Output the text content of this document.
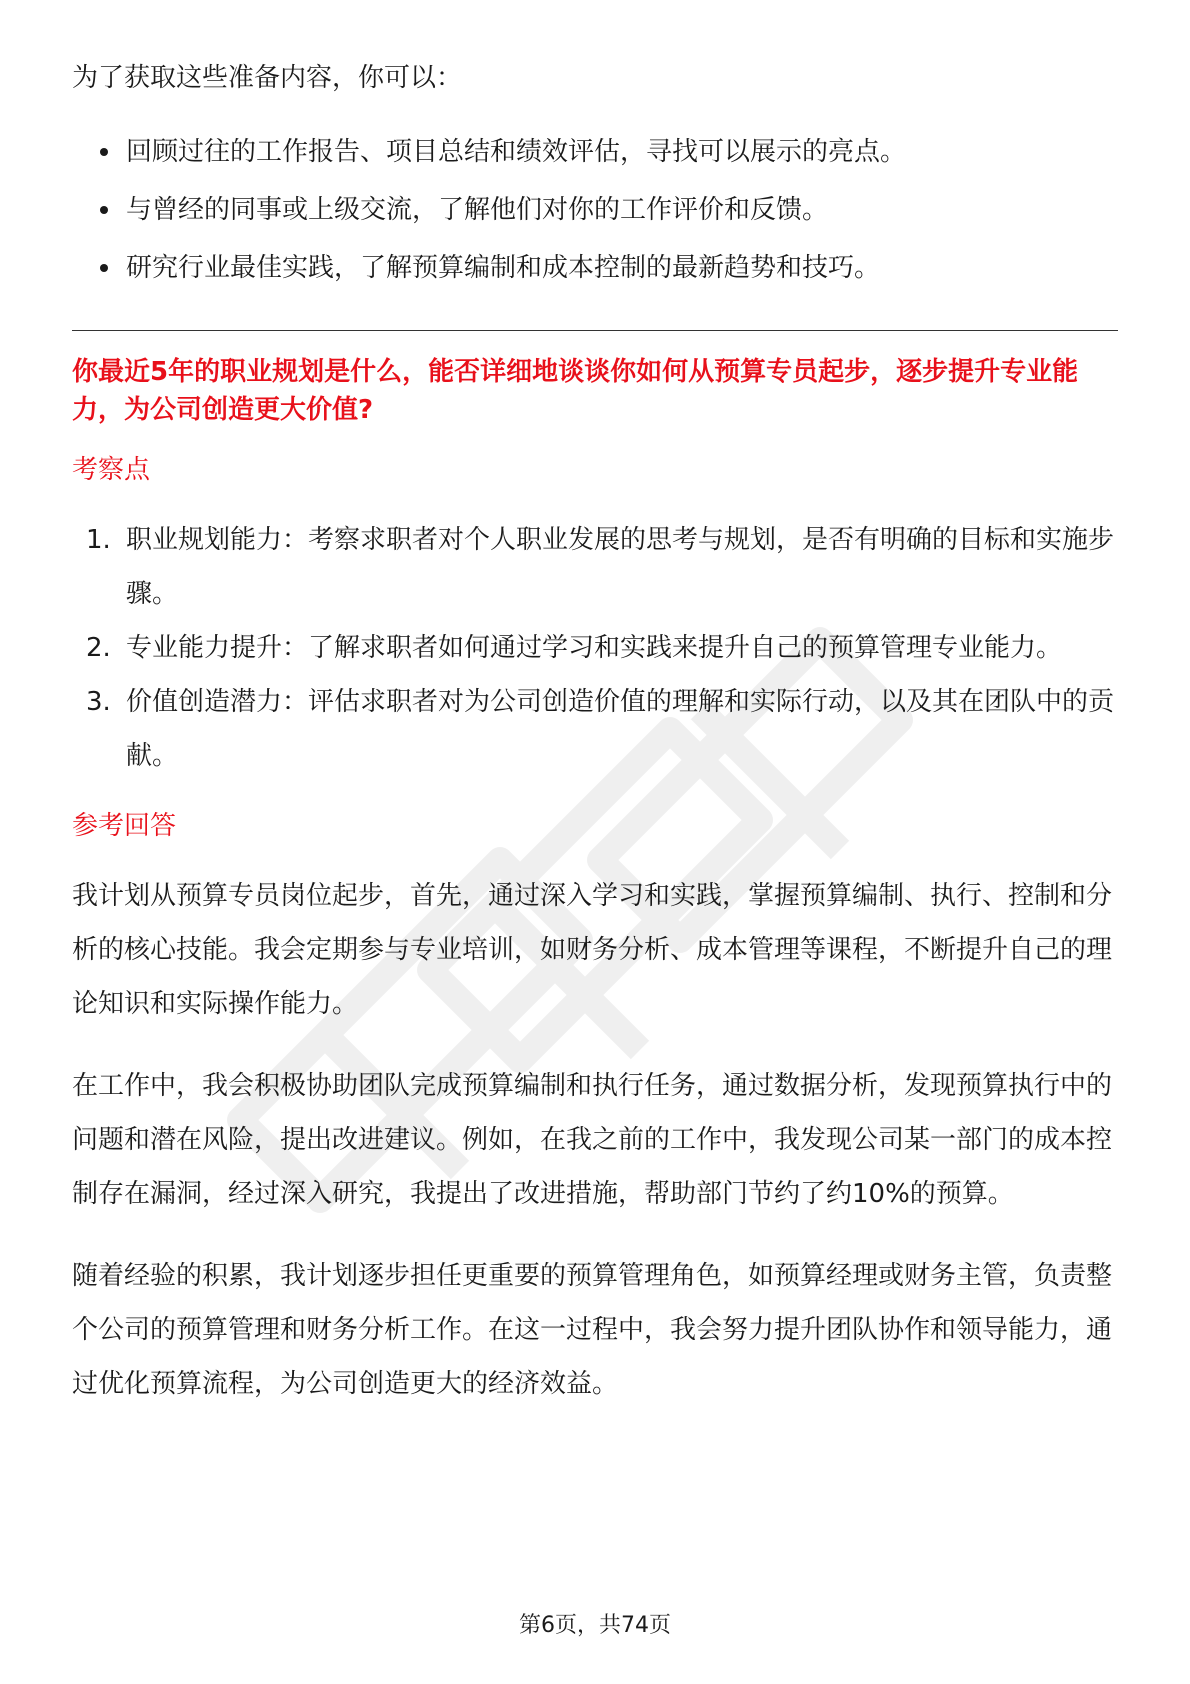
为了获取这些准备内容，你可以：

回顾过往的工作报告、项目总结和绩效评估，寻找可以展示的亮点。
与曾经的同事或上级交流，了解他们对你的工作评价和反馈。
研究行业最佳实践，了解预算编制和成本控制的最新趋势和技巧。

你最近5年的职业规划是什么，能否详细地谈谈你如何从预算专员起步，逐步提升专业能力，为公司创造更大价值?

考察点

1. 职业规划能力：考察求职者对个人职业发展的思考与规划，是否有明确的目标和实施步骤。
2. 专业能力提升：了解求职者如何通过学习和实践来提升自己的预算管理专业能力。
3. 价值创造潜力：评估求职者对为公司创造价值的理解和实际行动，以及其在团队中的贡献。

参考回答

我计划从预算专员岗位起步，首先，通过深入学习和实践，掌握预算编制、执行、控制和分析的核心技能。我会定期参与专业培训，如财务分析、成本管理等课程，不断提升自己的理论知识和实际操作能力。

在工作中，我会积极协助团队完成预算编制和执行任务，通过数据分析，发现预算执行中的问题和潜在风险，提出改进建议。例如，在我之前的工作中，我发现公司某一部门的成本控制存在漏洞，经过深入研究，我提出了改进措施，帮助部门节约了约10%的预算。

随着经验的积累，我计划逐步担任更重要的预算管理角色，如预算经理或财务主管，负责整个公司的预算管理和财务分析工作。在这一过程中，我会努力提升团队协作和领导能力，通过优化预算流程，为公司创造更大的经济效益。

第6页，共74页
